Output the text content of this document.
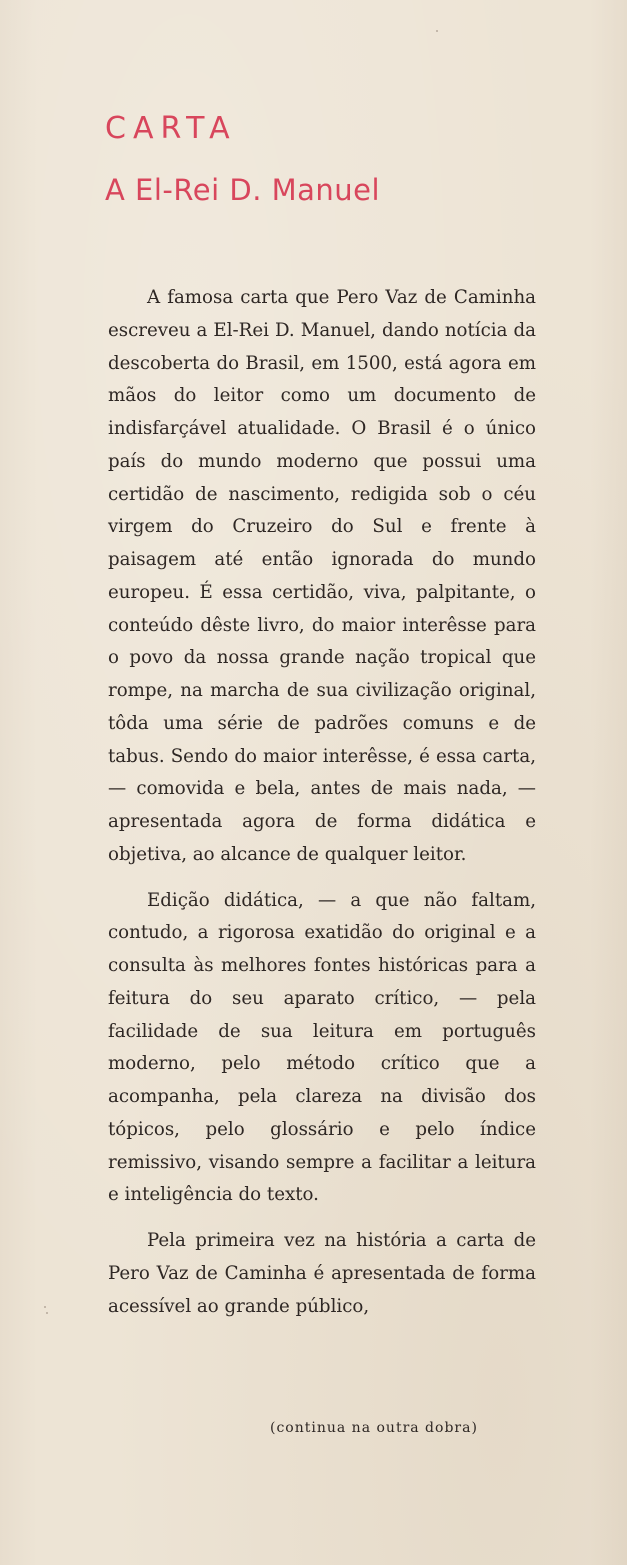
CARTA
A El-Rei D. Manuel

A famosa carta que Pero Vaz de Caminha escreveu a El-Rei D. Manuel, dando notícia da descoberta do Brasil, em 1500, está agora em mãos do leitor como um documento de indisfarçável atualidade. O Brasil é o único país do mundo moderno que possui uma certidão de nascimento, redigida sob o céu virgem do Cruzeiro do Sul e frente à paisagem até então ignorada do mundo europeu. É essa certidão, viva, palpitante, o conteúdo dêste livro, do maior interêsse para o povo da nossa grande nação tropical que rompe, na marcha de sua civilização original, tôda uma série de padrões comuns e de tabus. Sendo do maior interêsse, é essa carta, — comovida e bela, antes de mais nada, — apresentada agora de forma didática e objetiva, ao alcance de qualquer leitor.

Edição didática, — a que não faltam, contudo, a rigorosa exatidão do original e a consulta às melhores fontes históricas para a feitura do seu aparato crítico, — pela facilidade de sua leitura em português moderno, pelo método crítico que a acompanha, pela clareza na divisão dos tópicos, pelo glossário e pelo índice remissivo, visando sempre a facilitar a leitura e inteligência do texto.

Pela primeira vez na história a carta de Pero Vaz de Caminha é apresentada de forma acessível ao grande público,

(continua na outra dobra)
